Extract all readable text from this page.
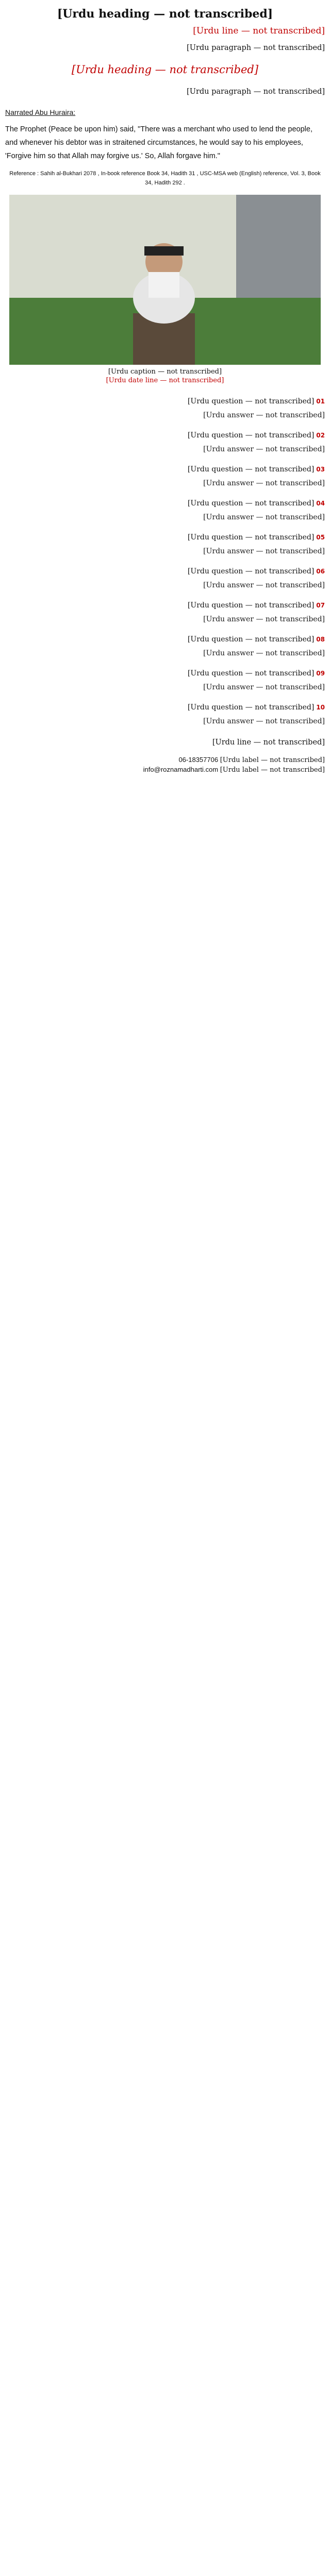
[Urdu heading — not transcribed]
[Urdu line — not transcribed]

[Urdu paragraph — not transcribed]

[Urdu heading — not transcribed]

[Urdu paragraph — not transcribed]

Narrated Abu Huraira:

The Prophet (Peace be upon him) said, "There was a merchant who used to lend the people, and whenever his debtor was in straitened circumstances, he would say to his employees, 'Forgive him so that Allah may forgive us.' So, Allah forgave him."

Reference : Sahih al-Bukhari 2078 , In-book reference Book 34, Hadith 31 , USC-MSA web (English) reference, Vol. 3, Book 34, Hadith 292 .
[Urdu caption — not transcribed]
[Urdu date line — not transcribed]
01[Urdu question — not transcribed]
[Urdu answer — not transcribed]
02[Urdu question — not transcribed]
[Urdu answer — not transcribed]
03[Urdu question — not transcribed]
[Urdu answer — not transcribed]
04[Urdu question — not transcribed]
[Urdu answer — not transcribed]
05[Urdu question — not transcribed]
[Urdu answer — not transcribed]
06[Urdu question — not transcribed]
[Urdu answer — not transcribed]
07[Urdu question — not transcribed]
[Urdu answer — not transcribed]
08[Urdu question — not transcribed]
[Urdu answer — not transcribed]
09[Urdu question — not transcribed]
[Urdu answer — not transcribed]
10[Urdu question — not transcribed]
[Urdu answer — not transcribed]
[Urdu line — not transcribed]
[Urdu label — not transcribed] 06-18357706
[Urdu label — not transcribed] info@roznamadharti.com
